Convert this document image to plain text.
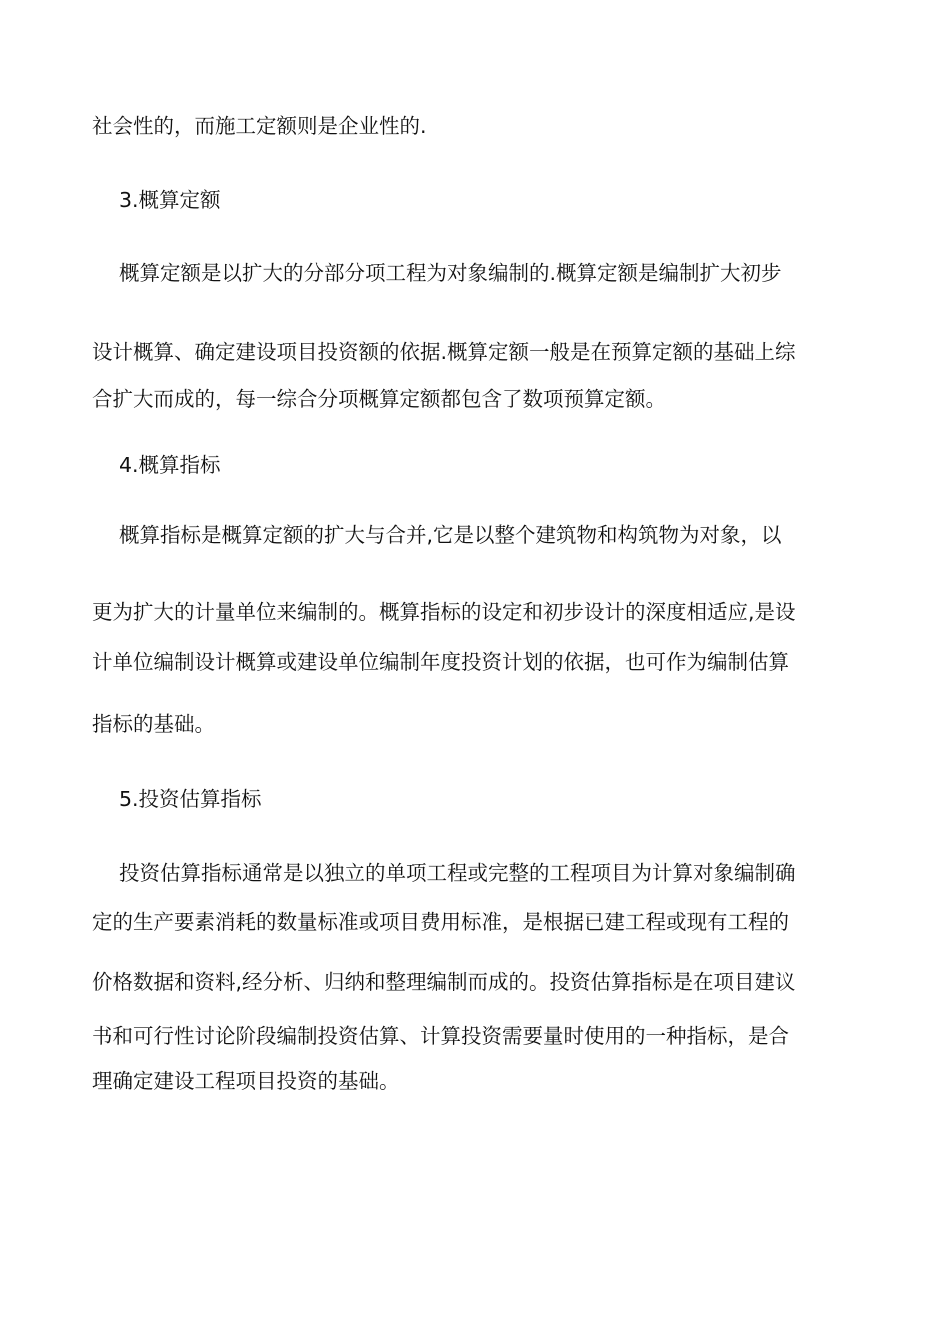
社会性的，而施工定额则是企业性的.
3.概算定额
概算定额是以扩大的分部分项工程为对象编制的.概算定额是编制扩大初步
设计概算、确定建设项目投资额的依据.概算定额一般是在预算定额的基础上综
合扩大而成的，每一综合分项概算定额都包含了数项预算定额。
4.概算指标
概算指标是概算定额的扩大与合并,它是以整个建筑物和构筑物为对象，以
更为扩大的计量单位来编制的。概算指标的设定和初步设计的深度相适应,是设
计单位编制设计概算或建设单位编制年度投资计划的依据，也可作为编制估算
指标的基础。
5.投资估算指标
投资估算指标通常是以独立的单项工程或完整的工程项目为计算对象编制确
定的生产要素消耗的数量标准或项目费用标准，是根据已建工程或现有工程的
价格数据和资料,经分析、归纳和整理编制而成的。投资估算指标是在项目建议
书和可行性讨论阶段编制投资估算、计算投资需要量时使用的一种指标，是合
理确定建设工程项目投资的基础。
